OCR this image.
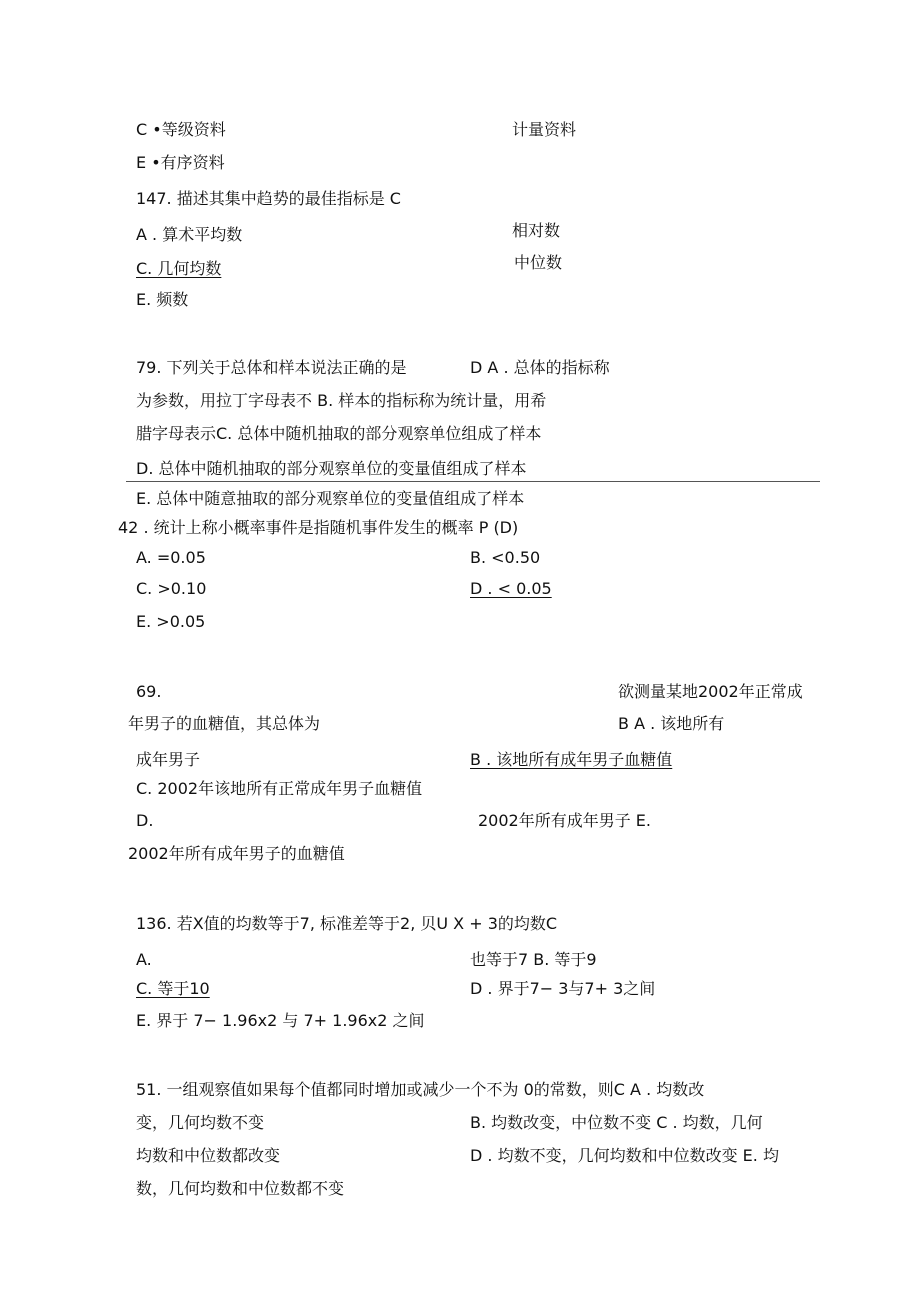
C •等级资料	计量资料
E •有序资料
147. 描述其集中趋势的最佳指标是 C
A . 算术平均数	相对数
C. 几何均数	中位数
E. 频数
79. 下列关于总体和样本说法正确的是	D A . 总体的指标称
为参数，用拉丁字母表不 B. 样本的指标称为统计量，用希
腊字母表示C. 总体中随机抽取的部分观察单位组成了样本
D. 总体中随机抽取的部分观察单位的变量值组成了样本
E. 总体中随意抽取的部分观察单位的变量值组成了样本
42 . 统计上称小概率事件是指随机事件发生的概率 P (D)
A. =0.05	B. <0.50
C. >0.10	D . < 0.05
E. >0.05
69.	欲测量某地2002年正常成
年男子的血糖值，其总体为	B A . 该地所有
成年男子	B . 该地所有成年男子血糖值
C. 2002年该地所有正常成年男子血糖值
D.	2002年所有成年男子 E.
2002年所有成年男子的血糖值
136. 若X值的均数等于7, 标准差等于2, 贝U X + 3的均数C
A.	也等于7 B. 等于9
C. 等于10	D . 界于7− 3与7+ 3之间
E. 界于 7− 1.96x2 与 7+ 1.96x2 之间
51. 一组观察值如果每个值都同时增加或减少一个不为 0的常数，则C A . 均数改
变，几何均数不变	B. 均数改变，中位数不变 C . 均数，几何
均数和中位数都改变	D . 均数不变，几何均数和中位数改变 E. 均
数，几何均数和中位数都不变
